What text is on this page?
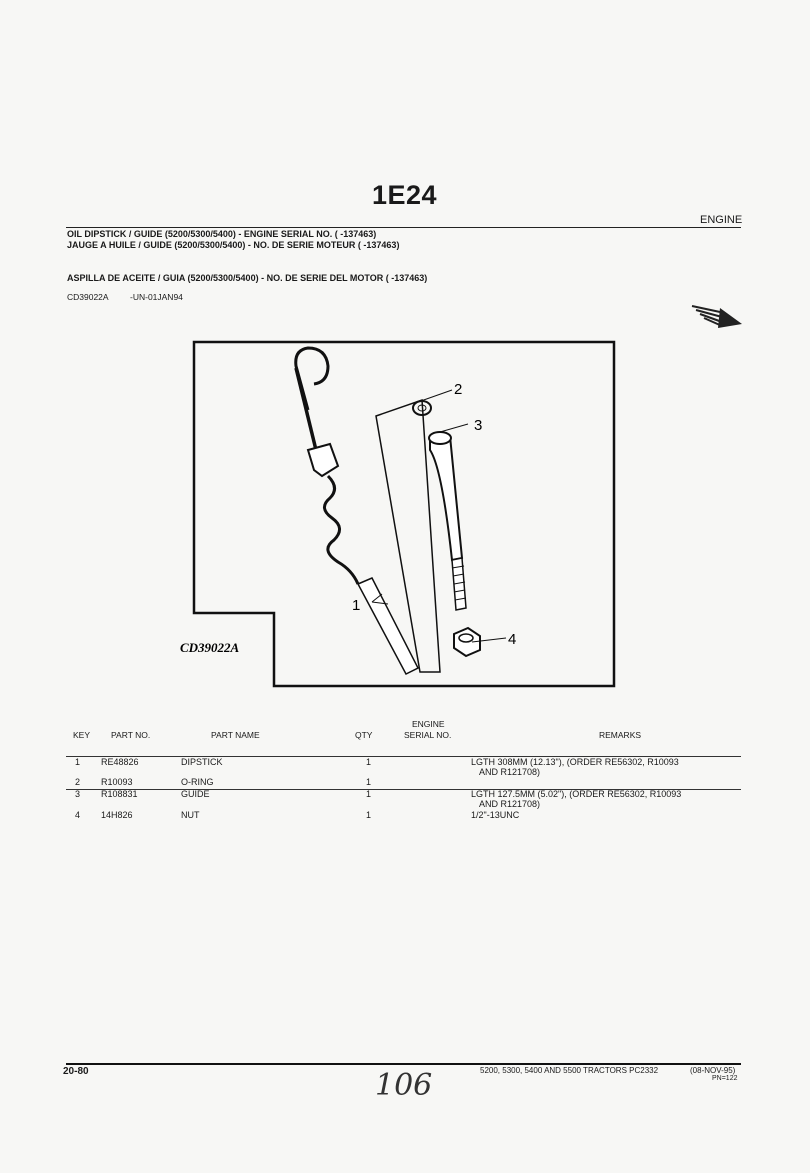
1E24
ENGINE
OIL DIPSTICK / GUIDE (5200/5300/5400) - ENGINE SERIAL NO. ( -137463)
JAUGE A HUILE / GUIDE (5200/5300/5400) - NO. DE SERIE MOTEUR ( -137463)
ASPILLA DE ACEITE / GUIA (5200/5300/5400) - NO. DE SERIE DEL MOTOR ( -137463)
CD39022A	-UN-01JAN94
1
2
3
4
CD39022A
KEY PART NO.	PART NAME	QTY
ENGINE
SERIAL NO.	REMARKS
1 RE48826	DIPSTICK	1	LGTH 308MM (12.13"), (ORDER RE56302, R10093
AND R121708)
2 R10093	O-RING	1
3 R108831	GUIDE	1	LGTH 127.5MM (5.02"), (ORDER RE56302, R10093
AND R121708)
4 14H826	NUT	1	1/2"-13UNC
20-80	5200, 5300, 5400 AND 5500 TRACTORS PC2332	(08-NOV-95)
PN=122
106
